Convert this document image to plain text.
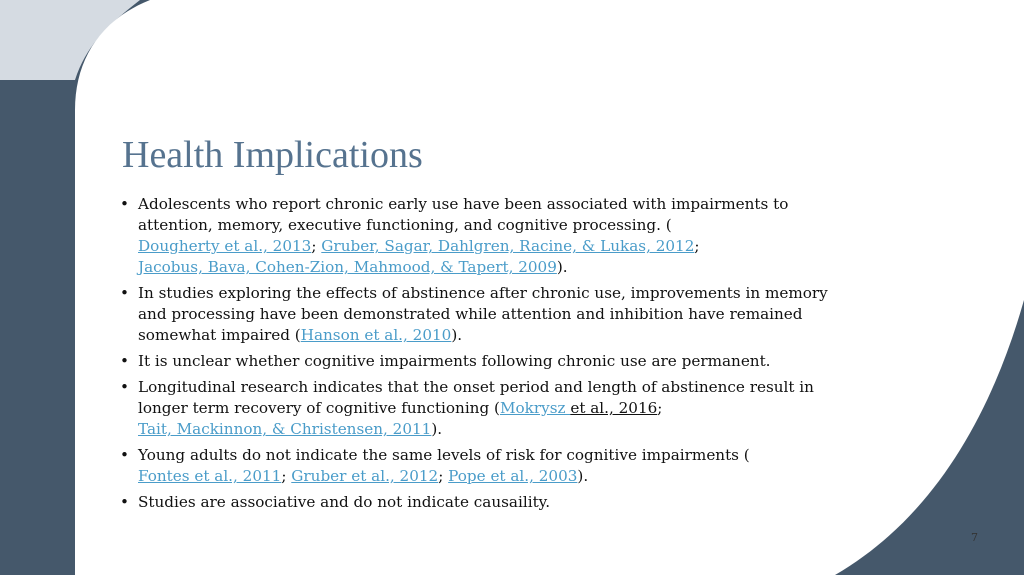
Health Implications
• Adolescents who report chronic early use have been associated with impairments to
attention, memory, executive functioning, and cognitive processing. (
Dougherty et al., 2013; Gruber, Sagar, Dahlgren, Racine, & Lukas, 2012;
Jacobus, Bava, Cohen-Zion, Mahmood, & Tapert, 2009).
• In studies exploring the effects of abstinence after chronic use, improvements in memory
and processing have been demonstrated while attention and inhibition have remained
somewhat impaired (Hanson et al., 2010).
• It is unclear whether cognitive impairments following chronic use are permanent.
• Longitudinal research indicates that the onset period and length of abstinence result in
longer term recovery of cognitive functioning (Mokrysz et al., 2016;
Tait, Mackinnon, & Christensen, 2011).
• Young adults do not indicate the same levels of risk for cognitive impairments (
Fontes et al., 2011; Gruber et al., 2012; Pope et al., 2003).
• Studies are associative and do not indicate causaility.
7
